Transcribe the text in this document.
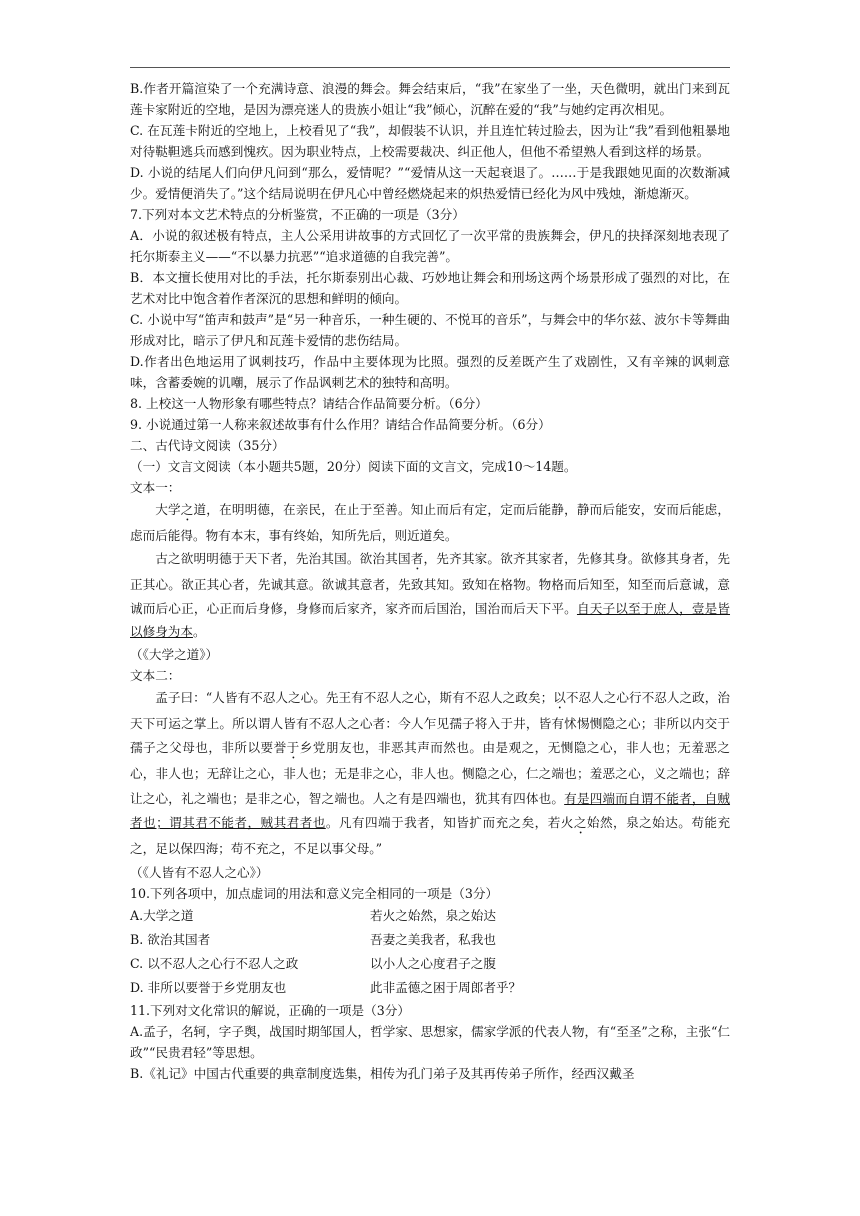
B.作者开篇渲染了一个充满诗意、浪漫的舞会。舞会结束后，“我”在家坐了一坐，天色微明，就出门来到瓦莲卡家附近的空地，是因为漂亮迷人的贵族小姐让“我”倾心，沉醉在爱的“我”与她约定再次相见。

C. 在瓦莲卡附近的空地上，上校看见了“我”，却假装不认识，并且连忙转过脸去，因为让“我”看到他粗暴地对待鞑靼逃兵而感到愧疚。因为职业特点，上校需要裁决、纠正他人，但他不希望熟人看到这样的场景。

D. 小说的结尾人们向伊凡问到“那么，爱情呢？”“爱情从这一天起衰退了。……于是我跟她见面的次数渐减少。爱情便消失了。”这个结局说明在伊凡心中曾经燃烧起来的炽热爱情已经化为风中残烛，渐熄渐灭。

7.下列对本文艺术特点的分析鉴赏，不正确的一项是（3分）

A．小说的叙述极有特点，主人公采用讲故事的方式回忆了一次平常的贵族舞会，伊凡的抉择深刻地表现了托尔斯泰主义——“不以暴力抗恶”“追求道德的自我完善”。

B．本文擅长使用对比的手法，托尔斯泰别出心裁、巧妙地让舞会和刑场这两个场景形成了强烈的对比，在艺术对比中饱含着作者深沉的思想和鲜明的倾向。

C. 小说中写“笛声和鼓声”是“另一种音乐，一种生硬的、不悦耳的音乐”，与舞会中的华尔兹、波尔卡等舞曲形成对比，暗示了伊凡和瓦莲卡爱情的悲伤结局。

D.作者出色地运用了讽刺技巧，作品中主要体现为比照。强烈的反差既产生了戏剧性，又有辛辣的讽刺意味，含蓄委婉的讥嘲，展示了作品讽刺艺术的独特和高明。

8. 上校这一人物形象有哪些特点？请结合作品简要分析。（6分）

9. 小说通过第一人称来叙述故事有什么作用？请结合作品简要分析。（6分）

二、古代诗文阅读（35分）

（一）文言文阅读（本小题共5题，20分）阅读下面的文言文，完成10～14题。

文本一：

大学之道，在明明德，在亲民，在止于至善。知止而后有定，定而后能静，静而后能安，安而后能虑，虑而后能得。物有本末，事有终始，知所先后，则近道矣。

古之欲明明德于天下者，先治其国。欲治其国者，先齐其家。欲齐其家者，先修其身。欲修其身者，先正其心。欲正其心者，先诚其意。欲诚其意者，先致其知。致知在格物。物格而后知至，知至而后意诚，意诚而后心正，心正而后身修，身修而后家齐，家齐而后国治，国治而后天下平。自天子以至于庶人，壹是皆以修身为本。

（《大学之道》）

文本二：

孟子曰：“人皆有不忍人之心。先王有不忍人之心，斯有不忍人之政矣；以不忍人之心行不忍人之政，治天下可运之掌上。所以谓人皆有不忍人之心者：今人乍见孺子将入于井，皆有怵惕恻隐之心；非所以内交于孺子之父母也，非所以要誉于乡党朋友也，非恶其声而然也。由是观之，无恻隐之心，非人也；无羞恶之心，非人也；无辞让之心，非人也；无是非之心，非人也。恻隐之心，仁之端也；羞恶之心，义之端也；辞让之心，礼之端也；是非之心，智之端也。人之有是四端也，犹其有四体也。有是四端而自谓不能者，自贼者也；谓其君不能者，贼其君者也。凡有四端于我者，知皆扩而充之矣，若火之始然，泉之始达。苟能充之，足以保四海；苟不充之，不足以事父母。”

（《人皆有不忍人之心》）

10.下列各项中，加点虚词的用法和意义完全相同的一项是（3分）

A.大学之道	若火之始然，泉之始达
B. 欲治其国者	吾妻之美我者，私我也
C. 以不忍人之心行不忍人之政	以小人之心度君子之腹
D. 非所以要誉于乡党朋友也	此非孟德之困于周郎者乎？

11.下列对文化常识的解说，正确的一项是（3分）

A.孟子，名轲，字子舆，战国时期邹国人，哲学家、思想家，儒家学派的代表人物，有“至圣”之称，主张“仁政”“民贵君轻”等思想。

B.《礼记》中国古代重要的典章制度选集，相传为孔门弟子及其再传弟子所作，经西汉戴圣
